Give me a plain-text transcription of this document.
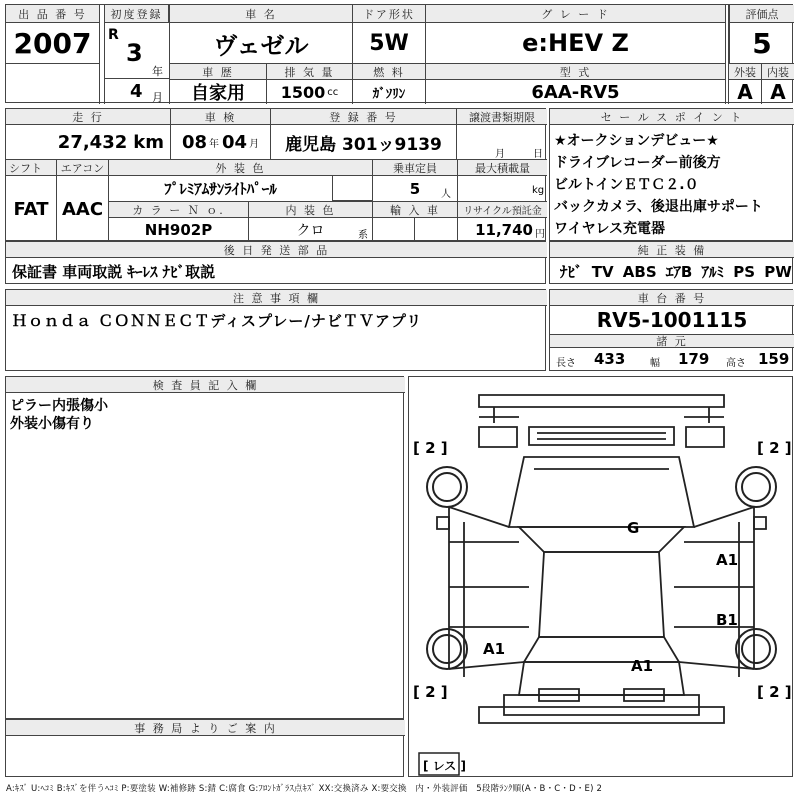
出 品 番 号
2007
初度登録
R
3
年
4 月
車 名
ヴェゼル
ドア形状
5W
グ レ ー ド
e:HEV Z
評価点
5
車 歴
自家用
排 気 量
1500 cc
燃 料
ｶﾞｿﾘﾝ
型 式
6AA-RV5
外装
A
内装
A
走 行
27,432 km
車 検
08 年 04 月
登 録 番 号
鹿児島 301ッ9139
譲渡書類期限
月	日
シフト
FAT
エアコン
AAC
外 装 色
ﾌﾟﾚﾐｱﾑｻﾝﾗｲﾄﾊﾟｰﾙ
カ ラ ー Ｎ ｏ.
NH902P
内 装 色
クロ	系
乗車定員
5	人
輸 入 車
最大積載量
kg
リサイクル預託金
11,740 円
後 日 発 送 部 品
保証書 車両取説 ｷｰﾚｽ ﾅﾋﾞ取説
セ ー ル ス ポ イ ン ト
★オークションデビュー★
ドライブレコーダー前後方
ビルトインＥＴＣ２.０
バックカメラ、後退出庫サポート
ワイヤレス充電器
純 正 装 備
ﾅﾋﾞ TV ABS ｴｱB ｱﾙﾐ PS PW
注 意 事 項 欄
Ｈｏｎｄａ ＣＯＮＮＥＣＴディスプレー/ナビＴＶアプリ
車 台 番 号
RV5-1001115
諸 元
長さ 433 幅 179 高さ 159
検 査 員 記 入 欄
ピラー内張傷小
外装小傷有り
事 務 局 よ り ご 案 内
[ 2 ]	[ 2 ]
[ 2 ]	[ 2 ]
[ レス ]
G
A1
B1
A1
A1
A:ｷｽﾞ U:ﾍｺﾐ B:ｷｽﾞを伴うﾍｺﾐ P:要塗装 W:補修跡 S:錆 C:腐食 G:ﾌﾛﾝﾄｶﾞﾗｽ点ｷｽﾞ XX:交換済み X:要交換　内・外装評価　5段階ﾗﾝｸ順(A・B・C・D・E) 2
